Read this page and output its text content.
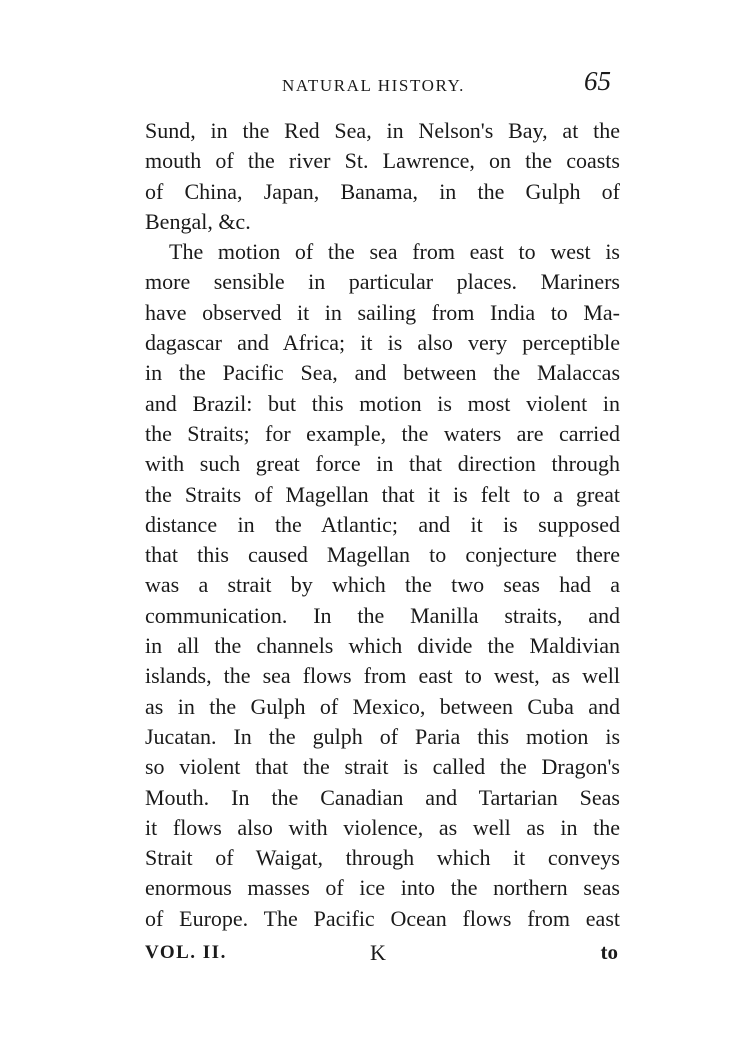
NATURAL HISTORY.	65
Sund, in the Red Sea, in Nelson's Bay, at the
mouth of the river St. Lawrence, on the coasts
of China, Japan, Banama, in the Gulph of
Bengal, &c.
The motion of the sea from east to west is
more sensible in particular places. Mariners
have observed it in sailing from India to Ma-
dagascar and Africa; it is also very perceptible
in the Pacific Sea, and between the Malaccas
and Brazil: but this motion is most violent in
the Straits; for example, the waters are carried
with such great force in that direction through
the Straits of Magellan that it is felt to a great
distance in the Atlantic; and it is supposed
that this caused Magellan to conjecture there
was a strait by which the two seas had a
communication. In the Manilla straits, and
in all the channels which divide the Maldivian
islands, the sea flows from east to west, as well
as in the Gulph of Mexico, between Cuba and
Jucatan. In the gulph of Paria this motion is
so violent that the strait is called the Dragon's
Mouth. In the Canadian and Tartarian Seas
it flows also with violence, as well as in the
Strait of Waigat, through which it conveys
enormous masses of ice into the northern seas
of Europe. The Pacific Ocean flows from east
VOL. II.	K	to
